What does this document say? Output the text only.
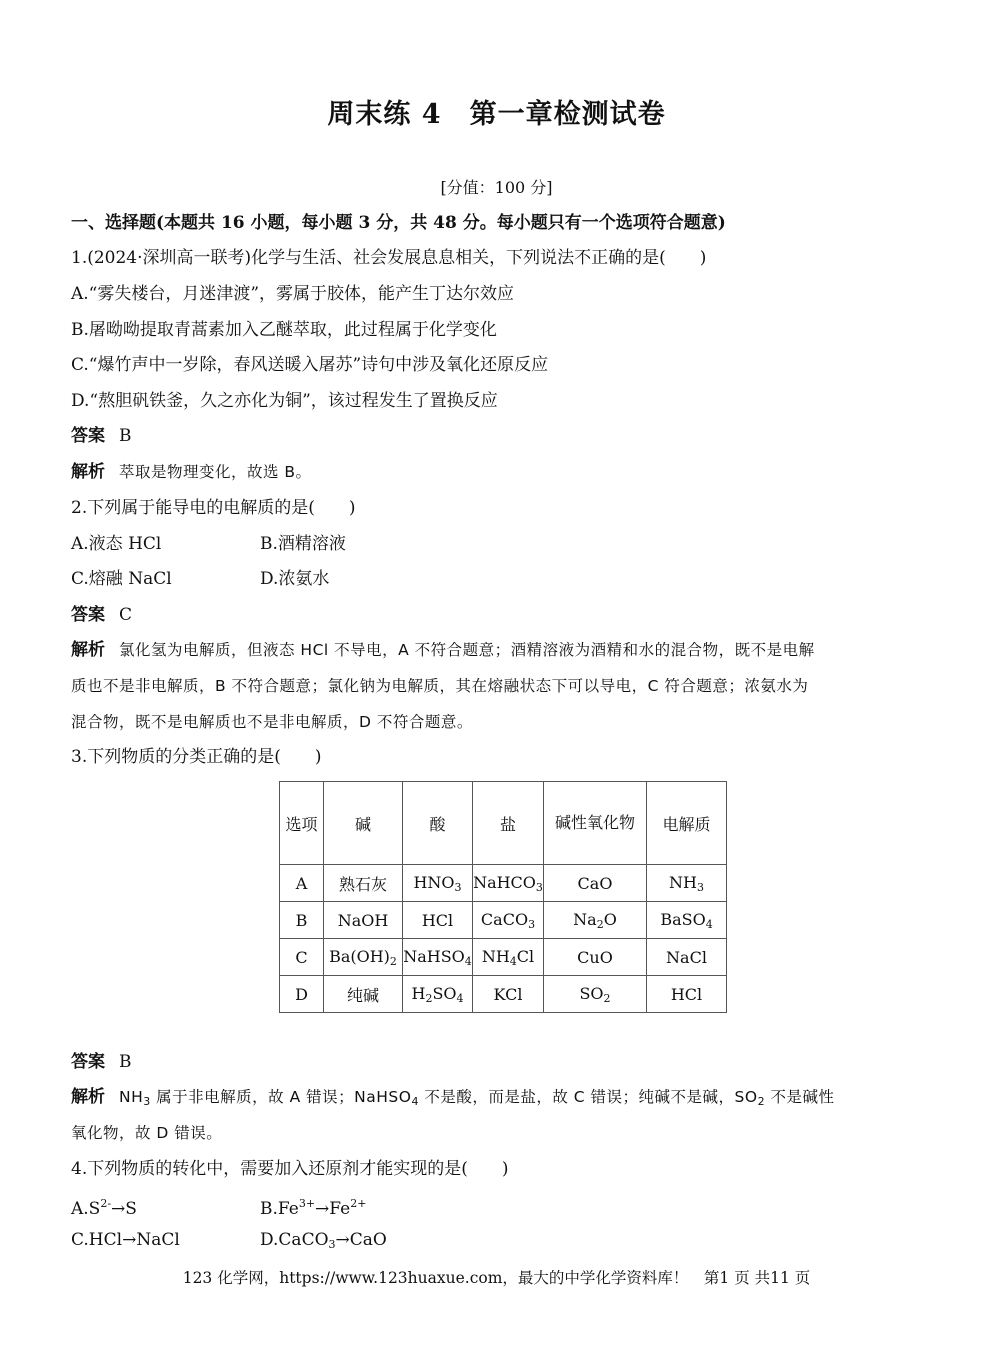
周末练 4　第一章检测试卷
[分值：100 分]
一、选择题(本题共 16 小题，每小题 3 分，共 48 分。每小题只有一个选项符合题意)
1.(2024·深圳高一联考)化学与生活、社会发展息息相关，下列说法不正确的是(　　)
A.“雾失楼台，月迷津渡”，雾属于胶体，能产生丁达尔效应
B.屠呦呦提取青蒿素加入乙醚萃取，此过程属于化学变化
C.“爆竹声中一岁除，春风送暖入屠苏”诗句中涉及氧化还原反应
D.“熬胆矾铁釜，久之亦化为铜”，该过程发生了置换反应
答案 B
解析 萃取是物理变化，故选 B。
2.下列属于能导电的电解质的是(　　)
A.液态 HCl	B.酒精溶液
C.熔融 NaCl	D.浓氨水
答案 C
解析 氯化氢为电解质，但液态 HCl 不导电，A 不符合题意；酒精溶液为酒精和水的混合物，既不是电解
质也不是非电解质，B 不符合题意；氯化钠为电解质，其在熔融状态下可以导电，C 符合题意；浓氨水为
混合物，既不是电解质也不是非电解质，D 不符合题意。
3.下列物质的分类正确的是(　　)
选项	碱	酸	盐	碱性氧化物	电解质
A	熟石灰	$HNO_3$	NaHCO$_3$	CaO	$NH_3$
B	NaOH	HCl	CaCO$_3$	$Na_2O$	BaSO$_4$
C	$Ba(OH)_2$	NaHSO$_4$	$NH_4Cl$	CuO	NaCl
D	纯碱	$H_2SO_4$	KCl	$SO_2$	HCl
答案 B
解析 $NH_3$ 属于非电解质，故 A 错误；NaHSO$_4$ 不是酸，而是盐，故 C 错误；纯碱不是碱，$SO_2$ 不是碱性
氧化物，故 D 错误。
4.下列物质的转化中，需要加入还原剂才能实现的是(　　)
$A.S^{2-}\to S$	$B.Fe^{3+}\to Fe^{2+}$
C.HCl→NaCl	D.CaCO$_3$→CaO
123 化学网，https://www.123huaxue.com，最大的中学化学资料库！　第1 页 共11 页
